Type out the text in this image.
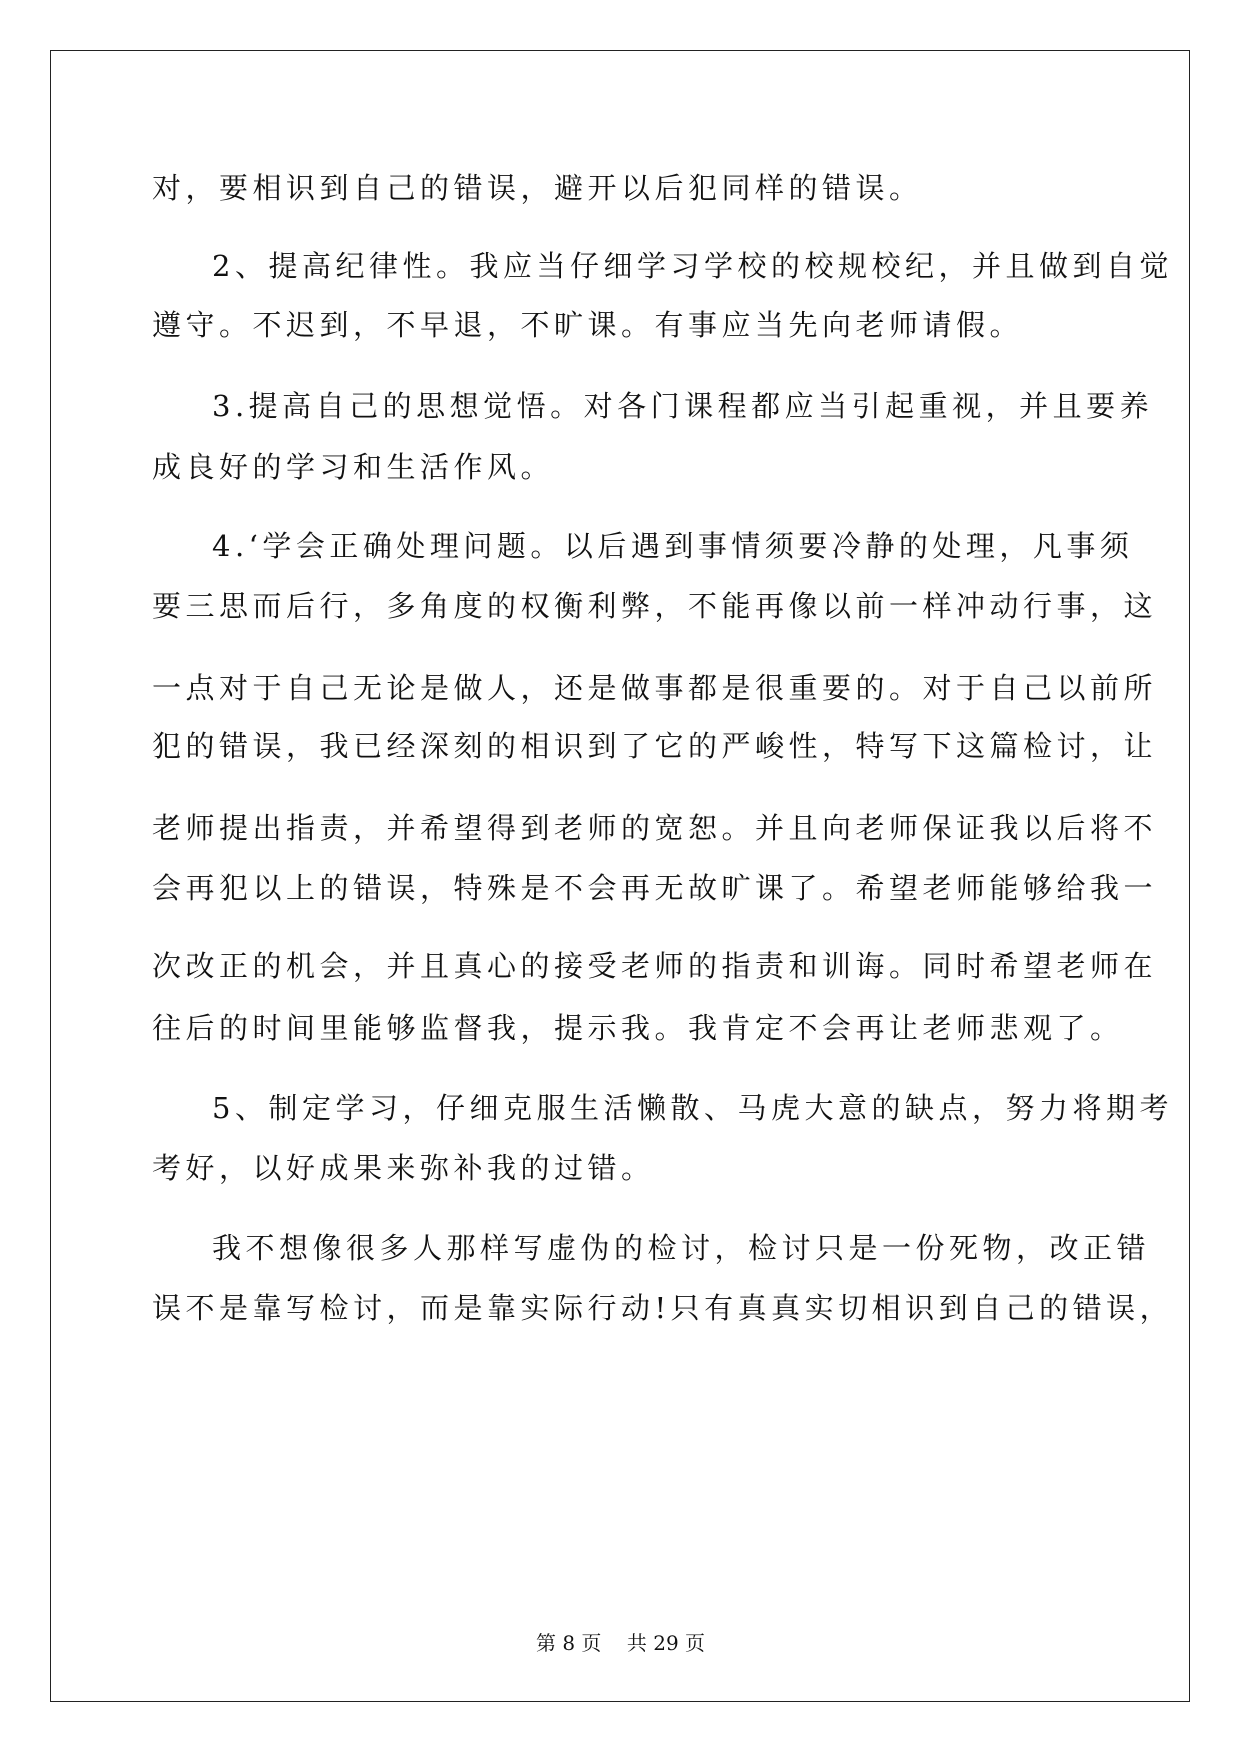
对，要相识到自己的错误，避开以后犯同样的错误。
2、提高纪律性。我应当仔细学习学校的校规校纪，并且做到自觉
遵守。不迟到，不早退，不旷课。有事应当先向老师请假。
3.提高自己的思想觉悟。对各门课程都应当引起重视，并且要养
成良好的学习和生活作风。
4.‘学会正确处理问题。以后遇到事情须要冷静的处理，凡事须
要三思而后行，多角度的权衡利弊，不能再像以前一样冲动行事，这
一点对于自己无论是做人，还是做事都是很重要的。对于自己以前所
犯的错误，我已经深刻的相识到了它的严峻性，特写下这篇检讨，让
老师提出指责，并希望得到老师的宽恕。并且向老师保证我以后将不
会再犯以上的错误，特殊是不会再无故旷课了。希望老师能够给我一
次改正的机会，并且真心的接受老师的指责和训诲。同时希望老师在
往后的时间里能够监督我，提示我。我肯定不会再让老师悲观了。
5、制定学习，仔细克服生活懒散、马虎大意的缺点，努力将期考
考好，以好成果来弥补我的过错。
我不想像很多人那样写虚伪的检讨，检讨只是一份死物，改正错
误不是靠写检讨，而是靠实际行动!只有真真实切相识到自己的错误，
第 8 页 共 29 页
